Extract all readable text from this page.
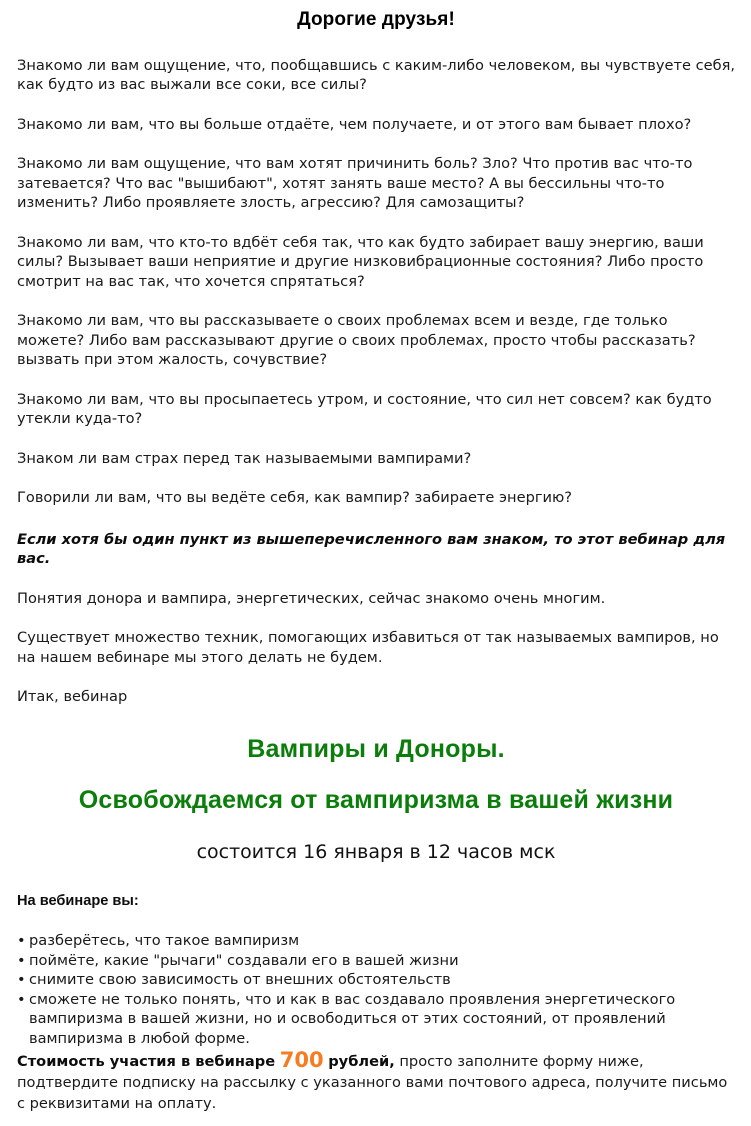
Дорогие друзья!

Знакомо ли вам ощущение, что, пообщавшись с каким-либо человеком, вы чувствуете себя, как будто из вас выжали все соки, все силы?

Знакомо ли вам, что вы больше отдаёте, чем получаете, и от этого вам бывает плохо?

Знакомо ли вам ощущение, что вам хотят причинить боль? Зло? Что против вас что-то затевается? Что вас "вышибают", хотят занять ваше место? А вы бессильны что-то изменить? Либо проявляете злость, агрессию? Для самозащиты?

Знакомо ли вам, что кто-то вдбёт себя так, что как будто забирает вашу энергию, ваши силы? Вызывает ваши неприятие и другие низковибрационные состояния? Либо просто смотрит на вас так, что хочется спрятаться?

Знакомо ли вам, что вы рассказываете о своих проблемах всем и везде, где только можете? Либо вам рассказывают другие о своих проблемах, просто чтобы рассказать? вызвать при этом жалость, сочувствие?

Знакомо ли вам, что вы просыпаетесь утром, и состояние, что сил нет совсем? как будто утекли куда-то?

Знаком ли вам страх перед так называемыми вампирами?

Говорили ли вам, что вы ведёте себя, как вампир? забираете энергию?

Если хотя бы один пункт из вышеперечисленного вам знаком, то этот вебинар для вас.

Понятия донора и вампира, энергетических, сейчас знакомо очень многим.

Существует множество техник, помогающих избавиться от так называемых вампиров, но на нашем вебинаре мы этого делать не будем.

Итак, вебинар

Вампиры и Доноры.
Освобождаемся от вампиризма в вашей жизни

состоится 16 января в 12 часов мск

На вебинаре вы:
• разберётесь, что такое вампиризм
• поймёте, какие "рычаги" создавали его в вашей жизни
• снимите свою зависимость от внешних обстоятельств
• сможете не только понять, что и как в вас создавало проявления энергетического вампиризма в вашей жизни, но и освободиться от этих состояний, от проявлений вампиризма в любой форме.

Стоимость участия в вебинаре 700 рублей, просто заполните форму ниже, подтвердите подписку на рассылку с указанного вами почтового адреса, получите письмо с реквизитами на оплату.
